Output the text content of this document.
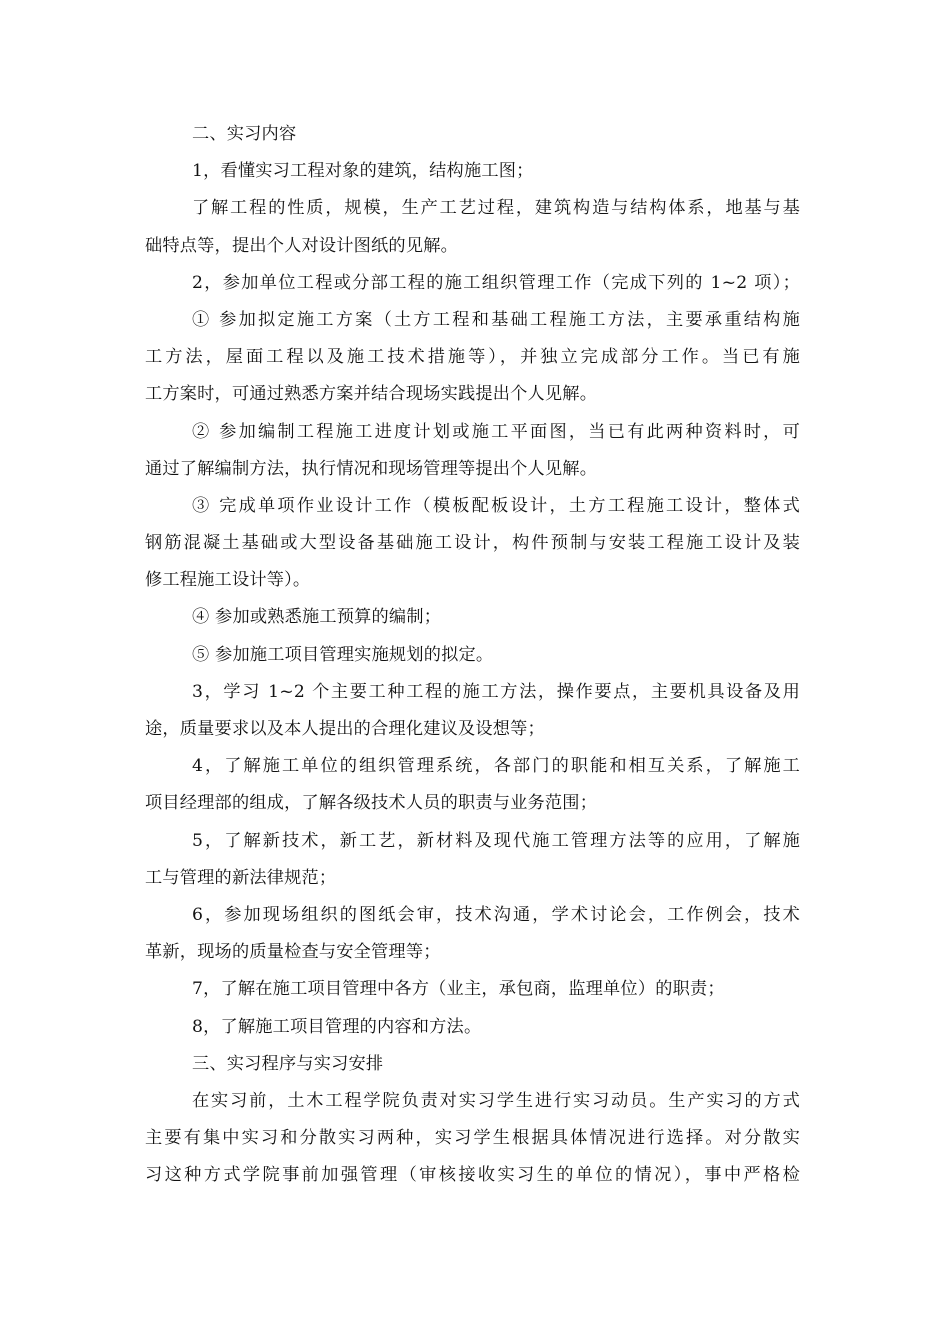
二、实习内容
1，看懂实习工程对象的建筑，结构施工图；
了解工程的性质，规模，生产工艺过程，建筑构造与结构体系，地基与基
础特点等，提出个人对设计图纸的见解。
2，参加单位工程或分部工程的施工组织管理工作（完成下列的 1~2 项）；
① 参加拟定施工方案（土方工程和基础工程施工方法，主要承重结构施
工方法，屋面工程以及施工技术措施等），并独立完成部分工作。当已有施
工方案时，可通过熟悉方案并结合现场实践提出个人见解。
② 参加编制工程施工进度计划或施工平面图，当已有此两种资料时，可
通过了解编制方法，执行情况和现场管理等提出个人见解。
③ 完成单项作业设计工作（模板配板设计，土方工程施工设计，整体式
钢筋混凝土基础或大型设备基础施工设计，构件预制与安装工程施工设计及装
修工程施工设计等）。
④ 参加或熟悉施工预算的编制；
⑤ 参加施工项目管理实施规划的拟定。
3，学习 1~2 个主要工种工程的施工方法，操作要点，主要机具设备及用
途，质量要求以及本人提出的合理化建议及设想等；
4，了解施工单位的组织管理系统，各部门的职能和相互关系，了解施工
项目经理部的组成，了解各级技术人员的职责与业务范围；
5，了解新技术，新工艺，新材料及现代施工管理方法等的应用，了解施
工与管理的新法律规范；
6，参加现场组织的图纸会审，技术沟通，学术讨论会，工作例会，技术
革新，现场的质量检查与安全管理等；
7，了解在施工项目管理中各方（业主，承包商，监理单位）的职责；
8，了解施工项目管理的内容和方法。
三、实习程序与实习安排
在实习前，土木工程学院负责对实习学生进行实习动员。生产实习的方式
主要有集中实习和分散实习两种，实习学生根据具体情况进行选择。对分散实
习这种方式学院事前加强管理（审核接收实习生的单位的情况），事中严格检
